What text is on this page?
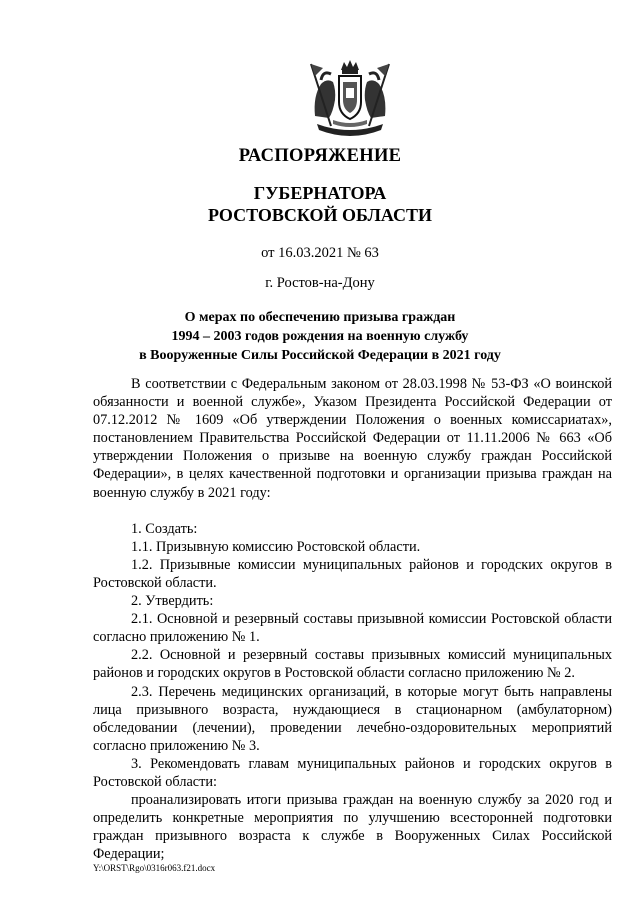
РАСПОРЯЖЕНИЕ
ГУБЕРНАТОРА
РОСТОВСКОЙ ОБЛАСТИ
от 16.03.2021 № 63
г. Ростов-на-Дону
О мерах по обеспечению призыва граждан
1994 – 2003 годов рождения на военную службу
в Вооруженные Силы Российской Федерации в 2021 году

В соответствии с Федеральным законом от 28.03.1998 № 53-ФЗ «О воинской обязанности и военной службе», Указом Президента Российской Федерации от 07.12.2012 № 1609 «Об утверждении Положения о военных комиссариатах», постановлением Правительства Российской Федерации от 11.11.2006 № 663 «Об утверждении Положения о призыве на военную службу граждан Российской Федерации», в целях качественной подготовки и организации призыва граждан на военную службу в 2021 году:

1. Создать:

1.1. Призывную комиссию Ростовской области.

1.2. Призывные комиссии муниципальных районов и городских округов в Ростовской области.

2. Утвердить:

2.1. Основной и резервный составы призывной комиссии Ростовской области согласно приложению № 1.

2.2. Основной и резервный составы призывных комиссий муниципальных районов и городских округов в Ростовской области согласно приложению № 2.

2.3. Перечень медицинских организаций, в которые могут быть направлены лица призывного возраста, нуждающиеся в стационарном (амбулаторном) обследовании (лечении), проведении лечебно-оздоровительных мероприятий согласно приложению № 3.

3. Рекомендовать главам муниципальных районов и городских округов в Ростовской области:

проанализировать итоги призыва граждан на военную службу за 2020 год и определить конкретные мероприятия по улучшению всесторонней подготовки граждан призывного возраста к службе в Вооруженных Силах Российской Федерации;

Y:\ORST\Rgo\0316r063.f21.docx
